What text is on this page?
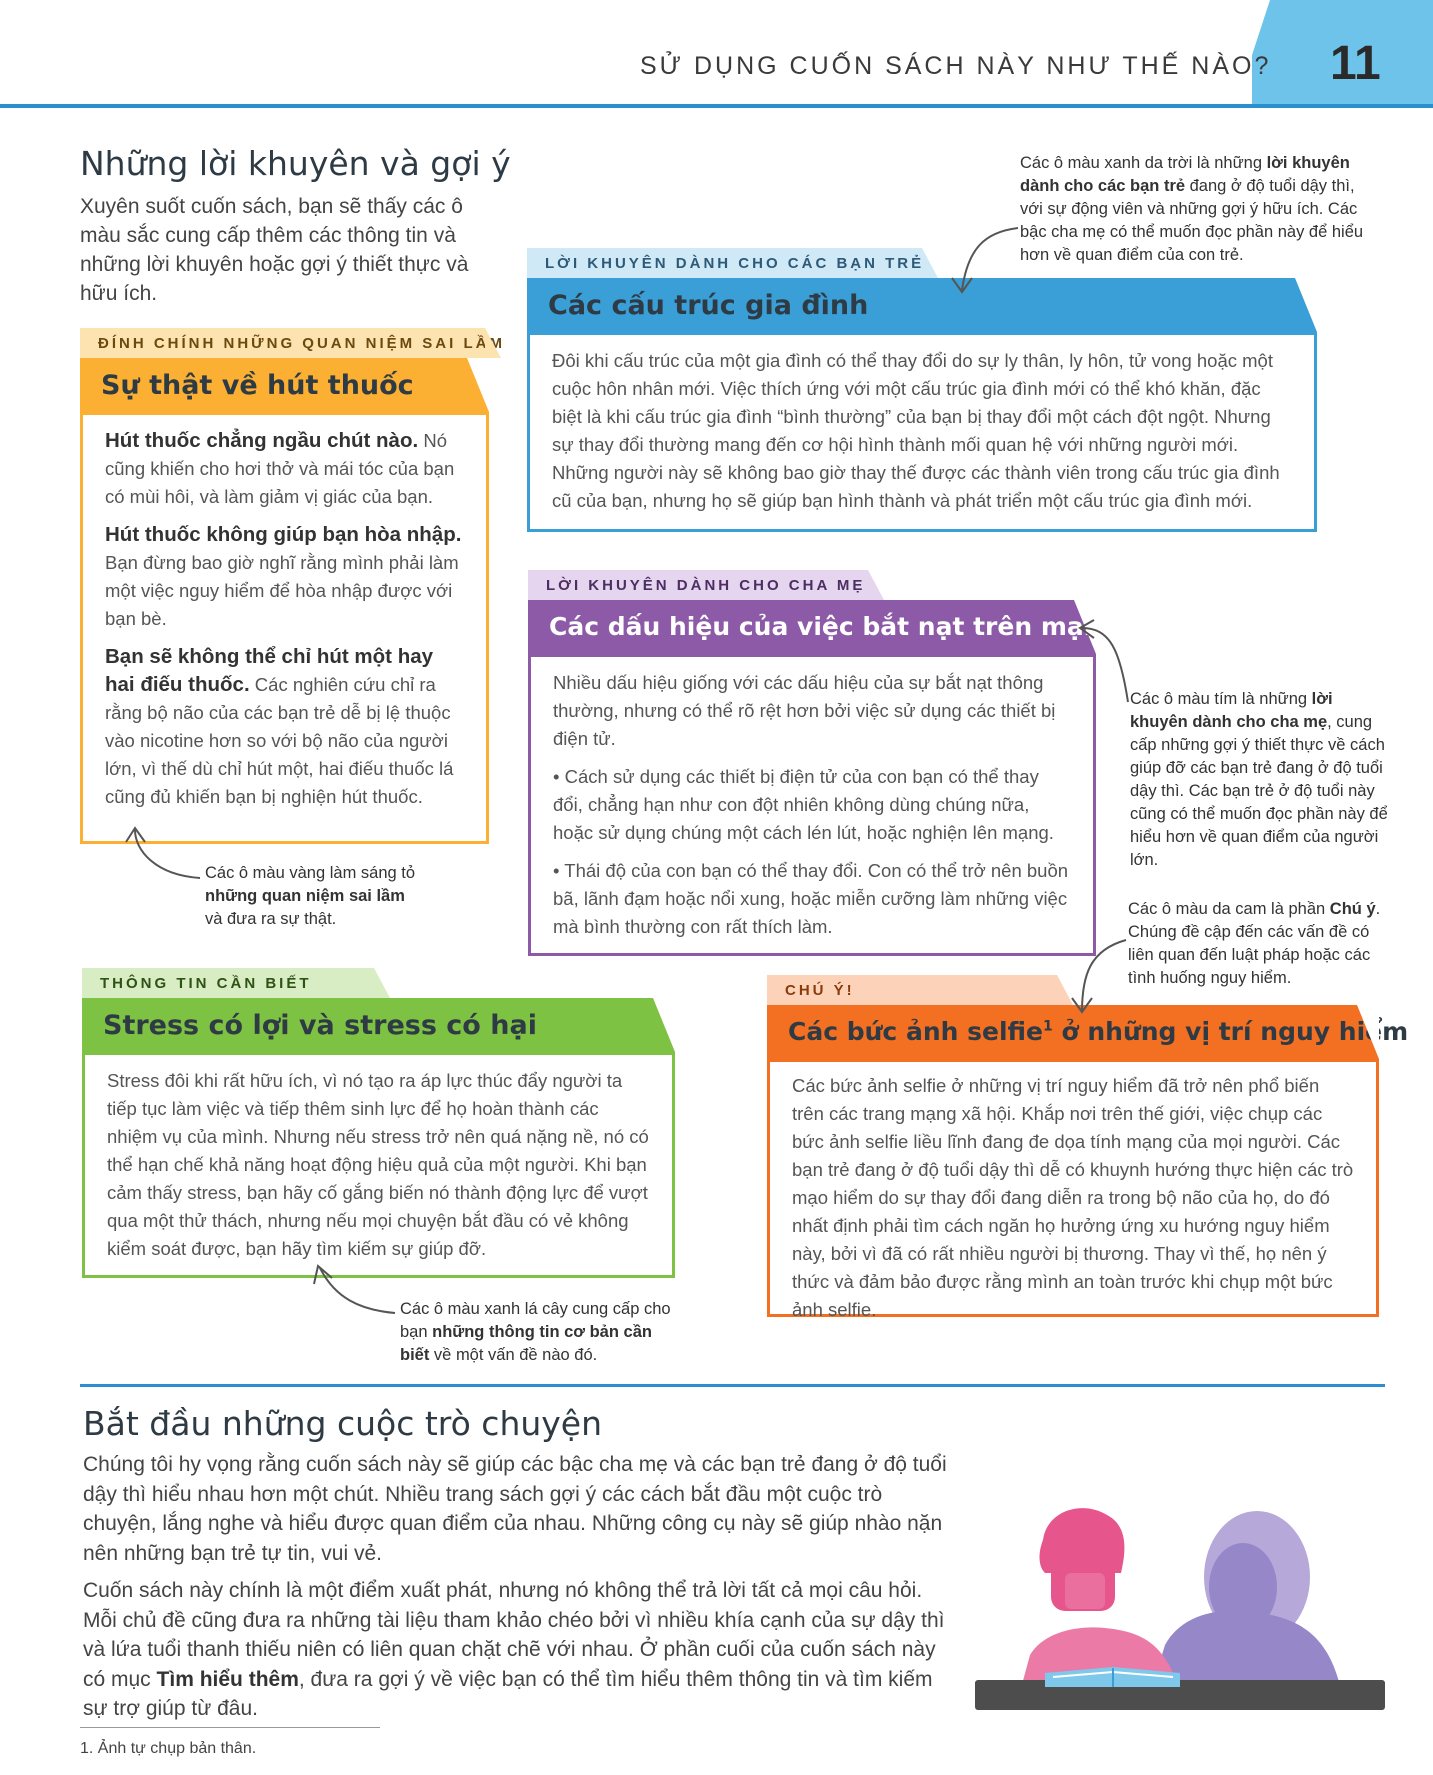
SỬ DỤNG CUỐN SÁCH NÀY NHƯ THẾ NÀO? 11
Những lời khuyên và gợi ý
Xuyên suốt cuốn sách, bạn sẽ thấy các ô màu sắc cung cấp thêm các thông tin và những lời khuyên hoặc gợi ý thiết thực và hữu ích.
LỜI KHUYÊN DÀNH CHO CÁC BẠN TRẺ
Các cấu trúc gia đình
Đôi khi cấu trúc của một gia đình có thể thay đổi do sự ly thân, ly hôn, tử vong hoặc một cuộc hôn nhân mới. Việc thích ứng với một cấu trúc gia đình mới có thể khó khăn, đặc biệt là khi cấu trúc gia đình “bình thường” của bạn bị thay đổi một cách đột ngột. Nhưng sự thay đổi thường mang đến cơ hội hình thành mối quan hệ với những người mới. Những người này sẽ không bao giờ thay thế được các thành viên trong cấu trúc gia đình cũ của bạn, nhưng họ sẽ giúp bạn hình thành và phát triển một cấu trúc gia đình mới.
ĐÍNH CHÍNH NHỮNG QUAN NIỆM SAI LẦM
Sự thật về hút thuốc

Hút thuốc chẳng ngầu chút nào. Nó cũng khiến cho hơi thở và mái tóc của bạn có mùi hôi, và làm giảm vị giác của bạn.

Hút thuốc không giúp bạn hòa nhập. Bạn đừng bao giờ nghĩ rằng mình phải làm một việc nguy hiểm để hòa nhập được với bạn bè.

Bạn sẽ không thể chỉ hút một hay hai điếu thuốc. Các nghiên cứu chỉ ra rằng bộ não của các bạn trẻ dễ bị lệ thuộc vào nicotine hơn so với bộ não của người lớn, vì thế dù chỉ hút một, hai điếu thuốc lá cũng đủ khiến bạn bị nghiện hút thuốc.

LỜI KHUYÊN DÀNH CHO CHA MẸ
Các dấu hiệu của việc bắt nạt trên mạng

Nhiều dấu hiệu giống với các dấu hiệu của sự bắt nạt thông thường, nhưng có thể rõ rệt hơn bởi việc sử dụng các thiết bị điện tử.

• Cách sử dụng các thiết bị điện tử của con bạn có thể thay đổi, chẳng hạn như con đột nhiên không dùng chúng nữa, hoặc sử dụng chúng một cách lén lút, hoặc nghiện lên mạng.

• Thái độ của con bạn có thể thay đổi. Con có thể trở nên buồn bã, lãnh đạm hoặc nổi xung, hoặc miễn cưỡng làm những việc mà bình thường con rất thích làm.

THÔNG TIN CẦN BIẾT
Stress có lợi và stress có hại
Stress đôi khi rất hữu ích, vì nó tạo ra áp lực thúc đẩy người ta tiếp tục làm việc và tiếp thêm sinh lực để họ hoàn thành các nhiệm vụ của mình. Nhưng nếu stress trở nên quá nặng nề, nó có thể hạn chế khả năng hoạt động hiệu quả của một người. Khi bạn cảm thấy stress, bạn hãy cố gắng biến nó thành động lực để vượt qua một thử thách, nhưng nếu mọi chuyện bắt đầu có vẻ không kiểm soát được, bạn hãy tìm kiếm sự giúp đỡ.
CHÚ Ý!
Các bức ảnh selfie$^1$ ở những vị trí nguy hiểm
Các bức ảnh selfie ở những vị trí nguy hiểm đã trở nên phổ biến trên các trang mạng xã hội. Khắp nơi trên thế giới, việc chụp các bức ảnh selfie liều lĩnh đang đe dọa tính mạng của mọi người. Các bạn trẻ đang ở độ tuổi dậy thì dễ có khuynh hướng thực hiện các trò mạo hiểm do sự thay đổi đang diễn ra trong bộ não của họ, do đó nhất định phải tìm cách ngăn họ hưởng ứng xu hướng nguy hiểm này, bởi vì đã có rất nhiều người bị thương. Thay vì thế, họ nên ý thức và đảm bảo được rằng mình an toàn trước khi chụp một bức ảnh selfie.
Các ô màu xanh da trời là những lời khuyên dành cho các bạn trẻ đang ở độ tuổi dậy thì, với sự động viên và những gợi ý hữu ích. Các bậc cha mẹ có thể muốn đọc phần này để hiểu hơn về quan điểm của con trẻ.
Các ô màu tím là những lời khuyên dành cho cha mẹ, cung cấp những gợi ý thiết thực về cách giúp đỡ các bạn trẻ đang ở độ tuổi dậy thì. Các bạn trẻ ở độ tuổi này cũng có thể muốn đọc phần này để hiểu hơn về quan điểm của người lớn.
Các ô màu vàng làm sáng tỏ những quan niệm sai lầm và đưa ra sự thật.
Các ô màu da cam là phần Chú ý. Chúng đề cập đến các vấn đề có liên quan đến luật pháp hoặc các tình huống nguy hiểm.
Các ô màu xanh lá cây cung cấp cho bạn những thông tin cơ bản cần biết về một vấn đề nào đó.
Bắt đầu những cuộc trò chuyện

Chúng tôi hy vọng rằng cuốn sách này sẽ giúp các bậc cha mẹ và các bạn trẻ đang ở độ tuổi dậy thì hiểu nhau hơn một chút. Nhiều trang sách gợi ý các cách bắt đầu một cuộc trò chuyện, lắng nghe và hiểu được quan điểm của nhau. Những công cụ này sẽ giúp nhào nặn nên những bạn trẻ tự tin, vui vẻ.

Cuốn sách này chính là một điểm xuất phát, nhưng nó không thể trả lời tất cả mọi câu hỏi. Mỗi chủ đề cũng đưa ra những tài liệu tham khảo chéo bởi vì nhiều khía cạnh của sự dậy thì và lứa tuổi thanh thiếu niên có liên quan chặt chẽ với nhau. Ở phần cuối của cuốn sách này có mục Tìm hiểu thêm, đưa ra gợi ý về việc bạn có thể tìm hiểu thêm thông tin và tìm kiếm sự trợ giúp từ đâu.

1. Ảnh tự chụp bản thân.
